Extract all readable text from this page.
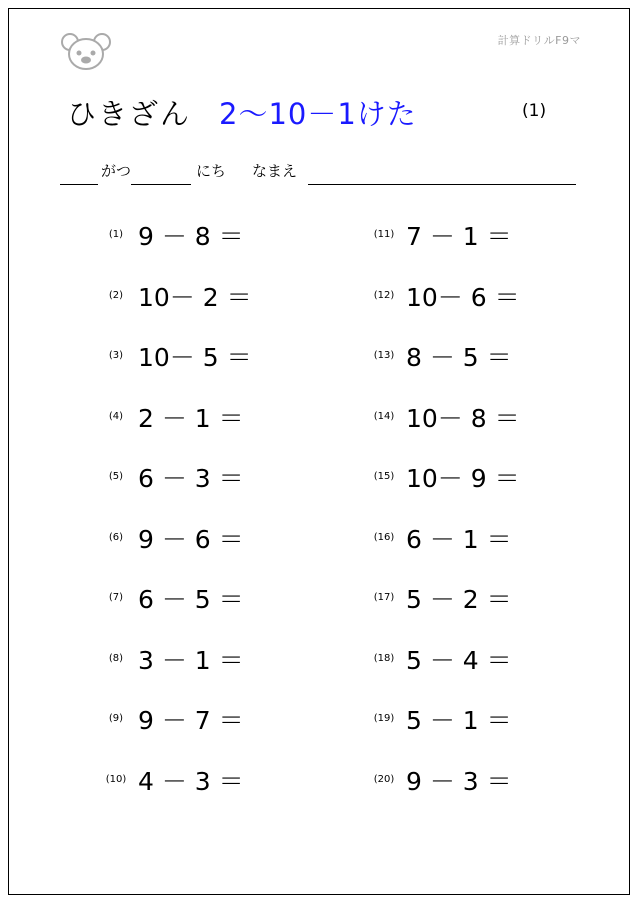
計算ドリルF9マ
ひきざん 2～10－1けた	(1)
がつ	にち なまえ
(1) 9 － 8 ＝
(2) 10－ 2 ＝
(3) 10－ 5 ＝
(4) 2 － 1 ＝
(5) 6 － 3 ＝
(6) 9 － 6 ＝
(7) 6 － 5 ＝
(8) 3 － 1 ＝
(9) 9 － 7 ＝
(10) 4 － 3 ＝
(11) 7 － 1 ＝
(12) 10－ 6 ＝
(13) 8 － 5 ＝
(14) 10－ 8 ＝
(15) 10－ 9 ＝
(16) 6 － 1 ＝
(17) 5 － 2 ＝
(18) 5 － 4 ＝
(19) 5 － 1 ＝
(20) 9 － 3 ＝
